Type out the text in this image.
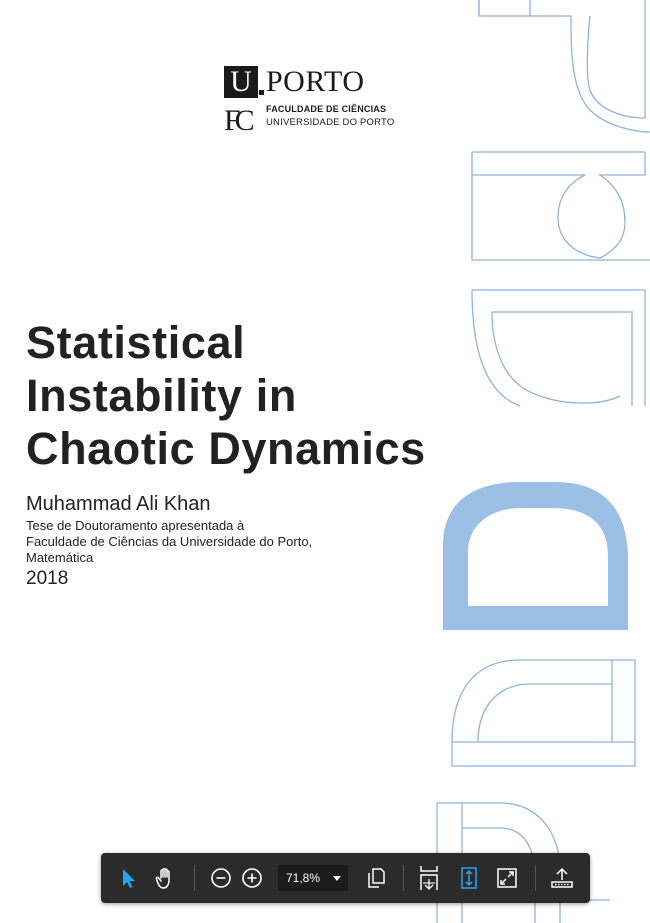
U PORTO
FC FACULDADE DE CIÊNCIAS
UNIVERSIDADE DO PORTO
Statistical
Instability in
Chaotic Dynamics
Muhammad Ali Khan
Tese de Doutoramento apresentada à
Faculdade de Ciências da Universidade do Porto,
Matemática
2018
71,8%
